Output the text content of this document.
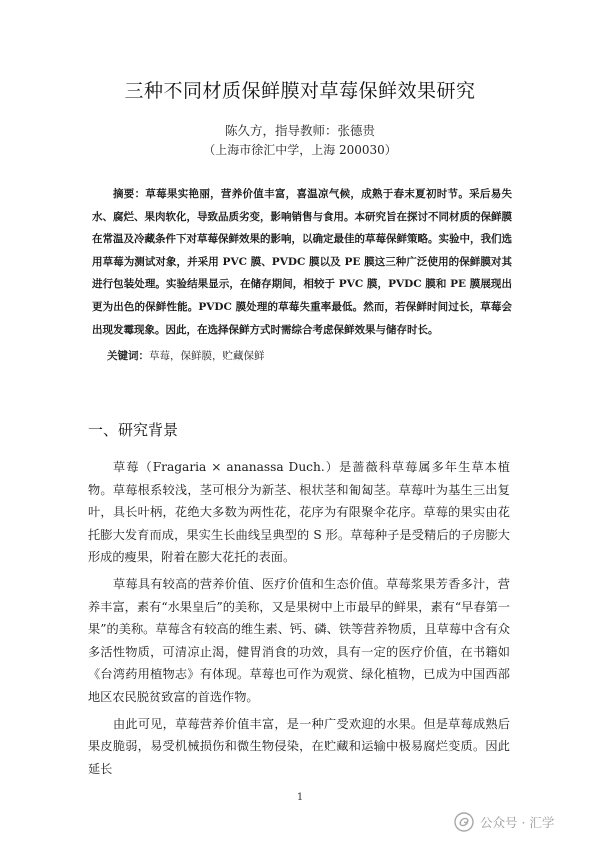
三种不同材质保鲜膜对草莓保鲜效果研究
陈久方，指导教师：张德贵
（上海市徐汇中学，上海 200030）

摘要：草莓果实艳丽，营养价值丰富，喜温凉气候，成熟于春末夏初时节。采后易失水、腐烂、果肉软化，导致品质劣变，影响销售与食用。本研究旨在探讨不同材质的保鲜膜在常温及冷藏条件下对草莓保鲜效果的影响，以确定最佳的草莓保鲜策略。实验中，我们选用草莓为测试对象，并采用 PVC 膜、PVDC 膜以及 PE 膜这三种广泛使用的保鲜膜对其进行包装处理。实验结果显示，在储存期间，相较于 PVC 膜，PVDC 膜和 PE 膜展现出更为出色的保鲜性能。PVDC 膜处理的草莓失重率最低。然而，若保鲜时间过长，草莓会出现发霉现象。因此，在选择保鲜方式时需综合考虑保鲜效果与储存时长。

关键词：草莓，保鲜膜，贮藏保鲜
一、研究背景

草莓（Fragaria × ananassa Duch.）是蔷薇科草莓属多年生草本植物。草莓根系较浅，茎可根分为新茎、根状茎和匍匐茎。草莓叶为基生三出复叶，具长叶柄，花绝大多数为两性花，花序为有限聚伞花序。草莓的果实由花托膨大发育而成，果实生长曲线呈典型的 S 形。草莓种子是受精后的子房膨大形成的瘦果，附着在膨大花托的表面。

草莓具有较高的营养价值、医疗价值和生态价值。草莓浆果芳香多汁，营养丰富，素有“水果皇后”的美称，又是果树中上市最早的鲜果，素有“早春第一果”的美称。草莓含有较高的维生素、钙、磷、铁等营养物质，且草莓中含有众多活性物质，可清凉止渴，健胃消食的功效，具有一定的医疗价值，在书籍如《台湾药用植物志》有体现。草莓也可作为观赏、绿化植物，已成为中国西部地区农民脱贫致富的首选作物。

由此可见，草莓营养价值丰富，是一种广受欢迎的水果。但是草莓成熟后果皮脆弱，易受机械损伤和微生物侵染，在贮藏和运输中极易腐烂变质。因此延长

1
公众号 · 汇学
